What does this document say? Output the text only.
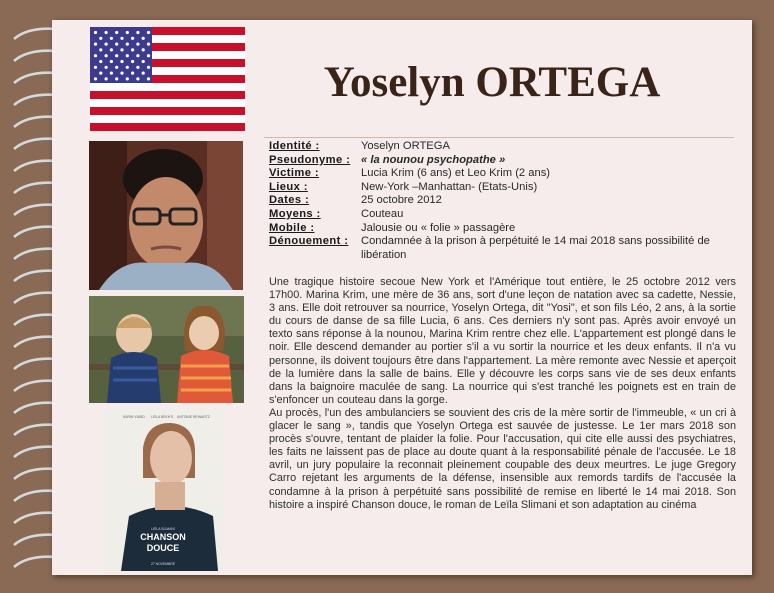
Yoselyn ORTEGA
KARIN VIARD LEÏLA BEKHTI ANTOINE REINARTZ
CHANSON
DOUCE
LEÏLA SLIMANI
27 NOVEMBRE
Identité :	Yoselyn ORTEGA
Pseudonyme : « la nounou psychopathe »
Victime :	Lucia Krim (6 ans) et Leo Krim (2 ans)
Lieux :	New-York –Manhattan- (Etats-Unis)
Dates :	25 octobre 2012
Moyens :	Couteau
Mobile :	Jalousie ou « folie » passagère
Dénouement :	Condamnée à la prison à perpétuité le 14 mai 2018 sans possibilité de libération

Une tragique histoire secoue New York et l'Amérique tout entière, le 25 octobre 2012 vers 17h00. Marina Krim, une mère de 36 ans, sort d'une leçon de natation avec sa cadette, Nessie, 3 ans. Elle doit retrouver sa nourrice, Yoselyn Ortega, dit "Yosi", et son fils Léo, 2 ans, à la sortie du cours de danse de sa fille Lucia, 6 ans. Ces derniers n'y sont pas. Après avoir envoyé un texto sans réponse à la nounou, Marina Krim rentre chez elle. L'appartement est plongé dans le noir. Elle descend demander au portier s'il a vu sortir la nourrice et les deux enfants. Il n'a vu personne, ils doivent toujours être dans l'appartement. La mère remonte avec Nessie et aperçoit de la lumière dans la salle de bains. Elle y découvre les corps sans vie de ses deux enfants dans la baignoire maculée de sang. La nourrice qui s'est tranché les poignets est en train de s'enfoncer un couteau dans la gorge.

Au procès, l'un des ambulanciers se souvient des cris de la mère sortir de l'immeuble, « un cri à glacer le sang », tandis que Yoselyn Ortega est sauvée de justesse. Le 1er mars 2018 son procès s'ouvre, tentant de plaider la folie. Pour l'accusation, qui cite elle aussi des psychiatres, les faits ne laissent pas de place au doute quant à la responsabilité pénale de l'accusée. Le 18 avril, un jury populaire la reconnait pleinement coupable des deux meurtres. Le juge Gregory Carro rejetant les arguments de la défense, insensible aux remords tardifs de l'accusée la condamne à la prison à perpétuité sans possibilité de remise en liberté le 14 mai 2018. Son histoire a inspiré Chanson douce, le roman de Leïla Slimani et son adaptation au cinéma
